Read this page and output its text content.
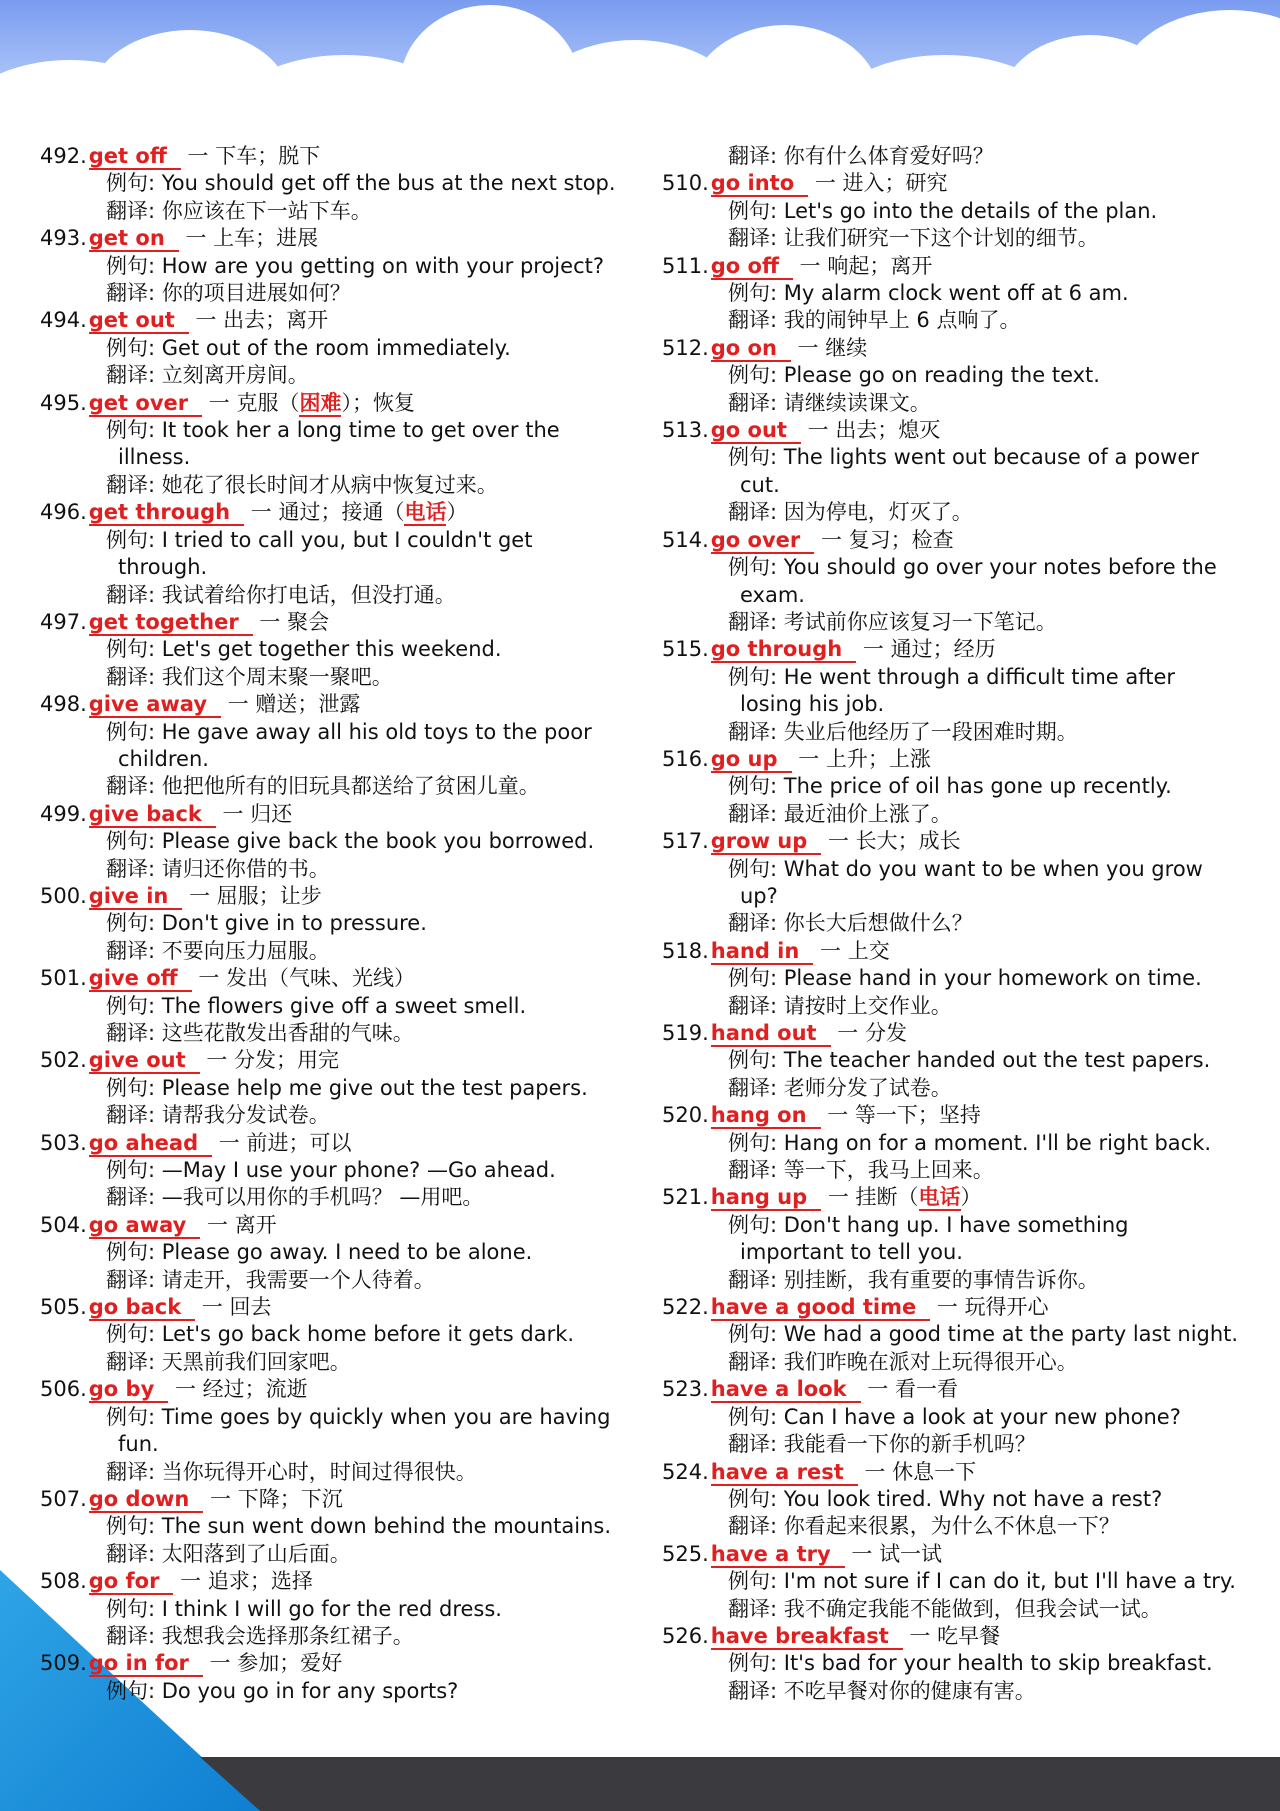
492.get off 一 下车；脱下
例句: You should get off the bus at the next stop.
翻译: 你应该在下一站下车。
493.get on 一 上车；进展
例句: How are you getting on with your project?
翻译: 你的项目进展如何？
494.get out 一 出去；离开
例句: Get out of the room immediately.
翻译: 立刻离开房间。
495.get over 一 克服（困难）；恢复
例句: It took her a long time to get over the
illness.
翻译: 她花了很长时间才从病中恢复过来。
496.get through 一 通过；接通（电话）
例句: I tried to call you, but I couldn't get
through.
翻译: 我试着给你打电话，但没打通。
497.get together 一 聚会
例句: Let's get together this weekend.
翻译: 我们这个周末聚一聚吧。
498.give away 一 赠送；泄露
例句: He gave away all his old toys to the poor
children.
翻译: 他把他所有的旧玩具都送给了贫困儿童。
499.give back 一 归还
例句: Please give back the book you borrowed.
翻译: 请归还你借的书。
500.give in 一 屈服；让步
例句: Don't give in to pressure.
翻译: 不要向压力屈服。
501.give off 一 发出（气味、光线）
例句: The flowers give off a sweet smell.
翻译: 这些花散发出香甜的气味。
502.give out 一 分发；用完
例句: Please help me give out the test papers.
翻译: 请帮我分发试卷。
503.go ahead 一 前进；可以
例句: —May I use your phone? —Go ahead.
翻译: —我可以用你的手机吗？ —用吧。
504.go away 一 离开
例句: Please go away. I need to be alone.
翻译: 请走开，我需要一个人待着。
505.go back 一 回去
例句: Let's go back home before it gets dark.
翻译: 天黑前我们回家吧。
506.go by 一 经过；流逝
例句: Time goes by quickly when you are having
fun.
翻译: 当你玩得开心时，时间过得很快。
507.go down 一 下降；下沉
例句: The sun went down behind the mountains.
翻译: 太阳落到了山后面。
508.go for 一 追求；选择
例句: I think I will go for the red dress.
翻译: 我想我会选择那条红裙子。
509.go in for 一 参加；爱好
例句: Do you go in for any sports?
翻译: 你有什么体育爱好吗？
510.go into 一 进入；研究
例句: Let's go into the details of the plan.
翻译: 让我们研究一下这个计划的细节。
511.go off 一 响起；离开
例句: My alarm clock went off at 6 am.
翻译: 我的闹钟早上 6 点响了。
512.go on 一 继续
例句: Please go on reading the text.
翻译: 请继续读课文。
513.go out 一 出去；熄灭
例句: The lights went out because of a power
cut.
翻译: 因为停电，灯灭了。
514.go over 一 复习；检查
例句: You should go over your notes before the
exam.
翻译: 考试前你应该复习一下笔记。
515.go through 一 通过；经历
例句: He went through a difficult time after
losing his job.
翻译: 失业后他经历了一段困难时期。
516.go up 一 上升；上涨
例句: The price of oil has gone up recently.
翻译: 最近油价上涨了。
517.grow up 一 长大；成长
例句: What do you want to be when you grow
up?
翻译: 你长大后想做什么？
518.hand in 一 上交
例句: Please hand in your homework on time.
翻译: 请按时上交作业。
519.hand out 一 分发
例句: The teacher handed out the test papers.
翻译: 老师分发了试卷。
520.hang on 一 等一下；坚持
例句: Hang on for a moment. I'll be right back.
翻译: 等一下，我马上回来。
521.hang up 一 挂断（电话）
例句: Don't hang up. I have something
important to tell you.
翻译: 别挂断，我有重要的事情告诉你。
522.have a good time 一 玩得开心
例句: We had a good time at the party last night.
翻译: 我们昨晚在派对上玩得很开心。
523.have a look 一 看一看
例句: Can I have a look at your new phone?
翻译: 我能看一下你的新手机吗？
524.have a rest 一 休息一下
例句: You look tired. Why not have a rest?
翻译: 你看起来很累，为什么不休息一下？
525.have a try 一 试一试
例句: I'm not sure if I can do it, but I'll have a try.
翻译: 我不确定我能不能做到，但我会试一试。
526.have breakfast 一 吃早餐
例句: It's bad for your health to skip breakfast.
翻译: 不吃早餐对你的健康有害。
